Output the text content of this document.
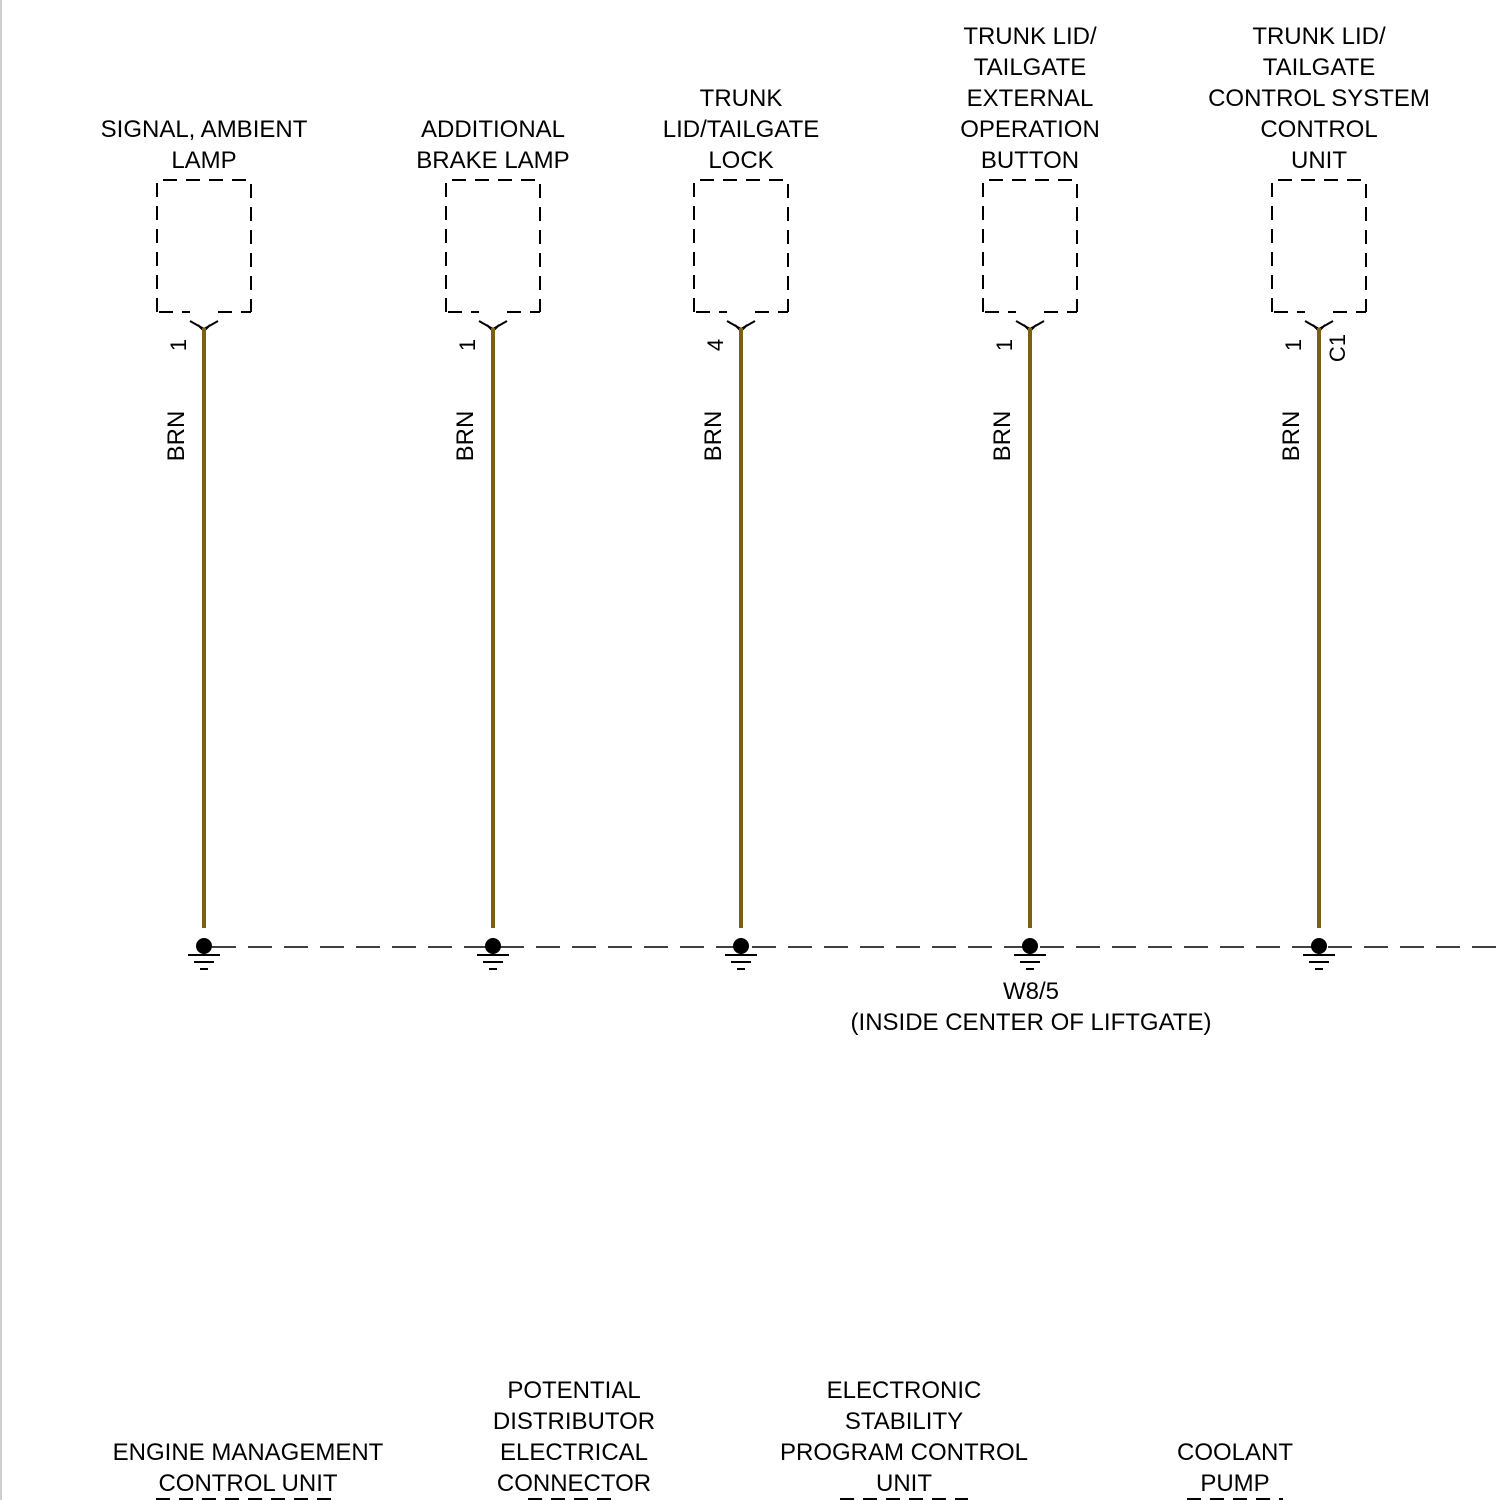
W8/5
(INSIDE CENTER OF LIFTGATE)
SIGNAL, AMBIENT
LAMP
1
BRN
ADDITIONAL
BRAKE LAMP
1
BRN
TRUNK
LID/TAILGATE
LOCK
4
BRN
TRUNK LID/
TAILGATE
EXTERNAL
OPERATION
BUTTON
1
BRN
TRUNK LID/
TAILGATE
CONTROL SYSTEM
CONTROL
UNIT
1 C1
BRN
ENGINE MANAGEMENT
CONTROL UNIT
POTENTIAL
DISTRIBUTOR
ELECTRICAL
CONNECTOR
ELECTRONIC
STABILITY
PROGRAM CONTROL
UNIT
COOLANT
PUMP
